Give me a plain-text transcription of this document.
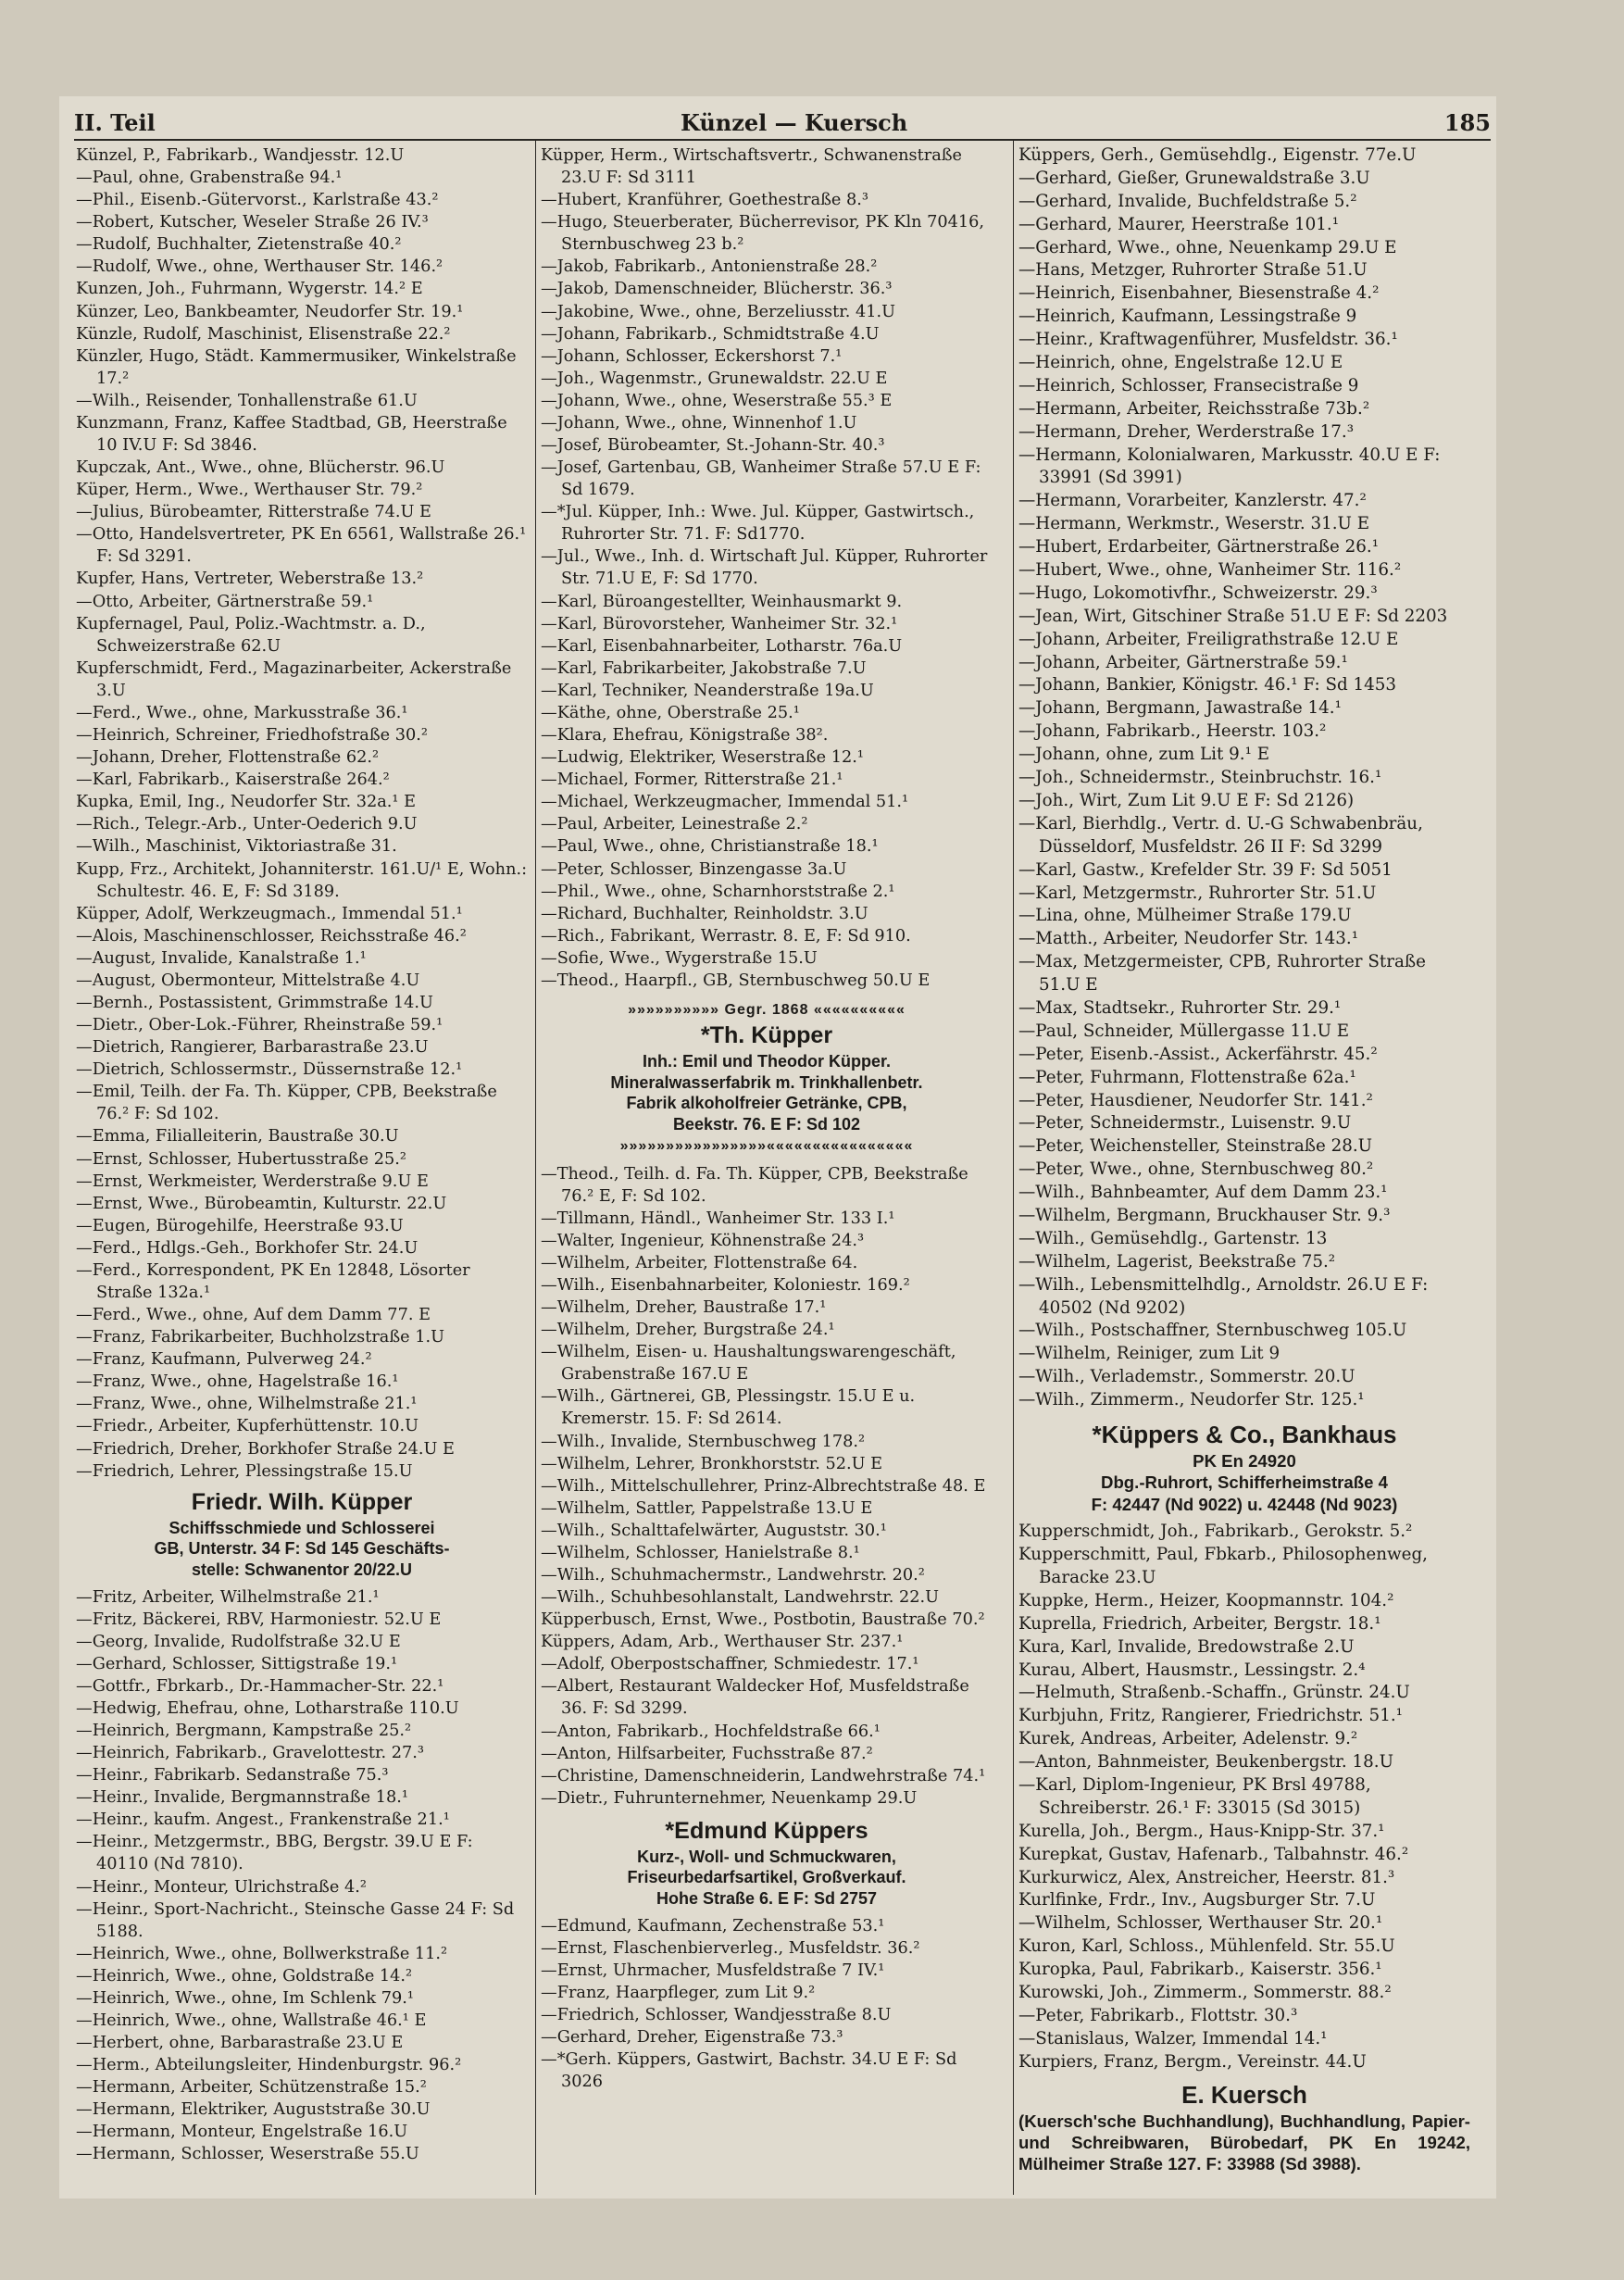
II. Teil	Künzel — Kuersch	185
Künzel, P., Fabrikarb., Wandjesstr. 12.U
—Paul, ohne, Grabenstraße 94.¹
—Phil., Eisenb.-Gütervorst., Karlstraße 43.²
—Robert, Kutscher, Weseler Straße 26 IV.³
—Rudolf, Buchhalter, Zietenstraße 40.²
—Rudolf, Wwe., ohne, Werthauser Str. 146.²
Kunzen, Joh., Fuhrmann, Wygerstr. 14.² E
Künzer, Leo, Bankbeamter, Neudorfer Str. 19.¹
Künzle, Rudolf, Maschinist, Elisenstraße 22.²
Künzler, Hugo, Städt. Kammermusiker, Winkelstraße 17.²
—Wilh., Reisender, Tonhallenstraße 61.U
Kunzmann, Franz, Kaffee Stadtbad, GB, Heerstraße 10 IV.U F: Sd 3846.
Kupczak, Ant., Wwe., ohne, Blücherstr. 96.U
Küper, Herm., Wwe., Werthauser Str. 79.²
—Julius, Bürobeamter, Ritterstraße 74.U E
—Otto, Handelsvertreter, PK En 6561, Wallstraße 26.¹ F: Sd 3291.
Kupfer, Hans, Vertreter, Weberstraße 13.²
—Otto, Arbeiter, Gärtnerstraße 59.¹
Kupfernagel, Paul, Poliz.-Wachtmstr. a. D., Schweizerstraße 62.U
Kupferschmidt, Ferd., Magazinarbeiter, Ackerstraße 3.U
—Ferd., Wwe., ohne, Markusstraße 36.¹
—Heinrich, Schreiner, Friedhofstraße 30.²
—Johann, Dreher, Flottenstraße 62.²
—Karl, Fabrikarb., Kaiserstraße 264.²
Kupka, Emil, Ing., Neudorfer Str. 32a.¹ E
—Rich., Telegr.-Arb., Unter-Oederich 9.U
—Wilh., Maschinist, Viktoriastraße 31.
Kupp, Frz., Architekt, Johanniterstr. 161.U/¹ E, Wohn.: Schultestr. 46. E, F: Sd 3189.
Küpper, Adolf, Werkzeugmach., Immendal 51.¹
—Alois, Maschinenschlosser, Reichsstraße 46.²
—August, Invalide, Kanalstraße 1.¹
—August, Obermonteur, Mittelstraße 4.U
—Bernh., Postassistent, Grimmstraße 14.U
—Dietr., Ober-Lok.-Führer, Rheinstraße 59.¹
—Dietrich, Rangierer, Barbarastraße 23.U
—Dietrich, Schlossermstr., Düssernstraße 12.¹
—Emil, Teilh. der Fa. Th. Küpper, CPB, Beekstraße 76.² F: Sd 102.
—Emma, Filialleiterin, Baustraße 30.U
—Ernst, Schlosser, Hubertusstraße 25.²
—Ernst, Werkmeister, Werderstraße 9.U E
—Ernst, Wwe., Bürobeamtin, Kulturstr. 22.U
—Eugen, Bürogehilfe, Heerstraße 93.U
—Ferd., Hdlgs.-Geh., Borkhofer Str. 24.U
—Ferd., Korrespondent, PK En 12848, Lösorter Straße 132a.¹
—Ferd., Wwe., ohne, Auf dem Damm 77. E
—Franz, Fabrikarbeiter, Buchholzstraße 1.U
—Franz, Kaufmann, Pulverweg 24.²
—Franz, Wwe., ohne, Hagelstraße 16.¹
—Franz, Wwe., ohne, Wilhelmstraße 21.¹
—Friedr., Arbeiter, Kupferhüttenstr. 10.U
—Friedrich, Dreher, Borkhofer Straße 24.U E
—Friedrich, Lehrer, Plessingstraße 15.U
Friedr. Wilh. Küpper
Schiffsschmiede und Schlosserei
GB, Unterstr. 34 F: Sd 145 Geschäfts-
stelle: Schwanentor 20/22.U
—Fritz, Arbeiter, Wilhelmstraße 21.¹
—Fritz, Bäckerei, RBV, Harmoniestr. 52.U E
—Georg, Invalide, Rudolfstraße 32.U E
—Gerhard, Schlosser, Sittigstraße 19.¹
—Gottfr., Fbrkarb., Dr.-Hammacher-Str. 22.¹
—Hedwig, Ehefrau, ohne, Lotharstraße 110.U
—Heinrich, Bergmann, Kampstraße 25.²
—Heinrich, Fabrikarb., Gravelottestr. 27.³
—Heinr., Fabrikarb. Sedanstraße 75.³
—Heinr., Invalide, Bergmannstraße 18.¹
—Heinr., kaufm. Angest., Frankenstraße 21.¹
—Heinr., Metzgermstr., BBG, Bergstr. 39.U E F: 40110 (Nd 7810).
—Heinr., Monteur, Ulrichstraße 4.²
—Heinr., Sport-Nachricht., Steinsche Gasse 24 F: Sd 5188.
—Heinrich, Wwe., ohne, Bollwerkstraße 11.²
—Heinrich, Wwe., ohne, Goldstraße 14.²
—Heinrich, Wwe., ohne, Im Schlenk 79.¹
—Heinrich, Wwe., ohne, Wallstraße 46.¹ E
—Herbert, ohne, Barbarastraße 23.U E
—Herm., Abteilungsleiter, Hindenburgstr. 96.²
—Hermann, Arbeiter, Schützenstraße 15.²
—Hermann, Elektriker, Auguststraße 30.U
—Hermann, Monteur, Engelstraße 16.U
—Hermann, Schlosser, Weserstraße 55.U
Küpper, Herm., Wirtschaftsvertr., Schwanenstraße 23.U F: Sd 3111
—Hubert, Kranführer, Goethestraße 8.³
—Hugo, Steuerberater, Bücherrevisor, PK Kln 70416, Sternbuschweg 23 b.²
—Jakob, Fabrikarb., Antonienstraße 28.²
—Jakob, Damenschneider, Blücherstr. 36.³
—Jakobine, Wwe., ohne, Berzeliusstr. 41.U
—Johann, Fabrikarb., Schmidtstraße 4.U
—Johann, Schlosser, Eckershorst 7.¹
—Joh., Wagenmstr., Grunewaldstr. 22.U E
—Johann, Wwe., ohne, Weserstraße 55.³ E
—Johann, Wwe., ohne, Winnenhof 1.U
—Josef, Bürobeamter, St.-Johann-Str. 40.³
—Josef, Gartenbau, GB, Wanheimer Straße 57.U E F: Sd 1679.
—*Jul. Küpper, Inh.: Wwe. Jul. Küpper, Gastwirtsch., Ruhrorter Str. 71. F: Sd1770.
—Jul., Wwe., Inh. d. Wirtschaft Jul. Küpper, Ruhrorter Str. 71.U E, F: Sd 1770.
—Karl, Büroangestellter, Weinhausmarkt 9.
—Karl, Bürovorsteher, Wanheimer Str. 32.¹
—Karl, Eisenbahnarbeiter, Lotharstr. 76a.U
—Karl, Fabrikarbeiter, Jakobstraße 7.U
—Karl, Techniker, Neanderstraße 19a.U
—Käthe, ohne, Oberstraße 25.¹
—Klara, Ehefrau, Königstraße 38².
—Ludwig, Elektriker, Weserstraße 12.¹
—Michael, Former, Ritterstraße 21.¹
—Michael, Werkzeugmacher, Immendal 51.¹
—Paul, Arbeiter, Leinestraße 2.²
—Paul, Wwe., ohne, Christianstraße 18.¹
—Peter, Schlosser, Binzengasse 3a.U
—Phil., Wwe., ohne, Scharnhorststraße 2.¹
—Richard, Buchhalter, Reinholdstr. 3.U
—Rich., Fabrikant, Werrastr. 8. E, F: Sd 910.
—Sofie, Wwe., Wygerstraße 15.U
—Theod., Haarpfl., GB, Sternbuschweg 50.U E
»»»»»»»»»» Gegr. 1868 ««««««««««
*Th. Küpper
Inh.: Emil und Theodor Küpper.
Mineralwasserfabrik m. Trinkhallenbetr.
Fabrik alkoholfreier Getränke, CPB,
Beekstr. 76. E F: Sd 102
»»»»»»»»»»»»»»»»««««««««««««««««
—Theod., Teilh. d. Fa. Th. Küpper, CPB, Beekstraße 76.² E, F: Sd 102.
—Tillmann, Händl., Wanheimer Str. 133 I.¹
—Walter, Ingenieur, Köhnenstraße 24.³
—Wilhelm, Arbeiter, Flottenstraße 64.
—Wilh., Eisenbahnarbeiter, Koloniestr. 169.²
—Wilhelm, Dreher, Baustraße 17.¹
—Wilhelm, Dreher, Burgstraße 24.¹
—Wilhelm, Eisen- u. Haushaltungswarengeschäft, Grabenstraße 167.U E
—Wilh., Gärtnerei, GB, Plessingstr. 15.U E u. Kremerstr. 15. F: Sd 2614.
—Wilh., Invalide, Sternbuschweg 178.²
—Wilhelm, Lehrer, Bronkhorststr. 52.U E
—Wilh., Mittelschullehrer, Prinz-Albrechtstraße 48. E
—Wilhelm, Sattler, Pappelstraße 13.U E
—Wilh., Schalttafelwärter, Auguststr. 30.¹
—Wilhelm, Schlosser, Hanielstraße 8.¹
—Wilh., Schuhmachermstr., Landwehrstr. 20.²
—Wilh., Schuhbesohlanstalt, Landwehrstr. 22.U
Küpperbusch, Ernst, Wwe., Postbotin, Baustraße 70.²
Küppers, Adam, Arb., Werthauser Str. 237.¹
—Adolf, Oberpostschaffner, Schmiedestr. 17.¹
—Albert, Restaurant Waldecker Hof, Musfeldstraße 36. F: Sd 3299.
—Anton, Fabrikarb., Hochfeldstraße 66.¹
—Anton, Hilfsarbeiter, Fuchsstraße 87.²
—Christine, Damenschneiderin, Landwehrstraße 74.¹
—Dietr., Fuhrunternehmer, Neuenkamp 29.U
*Edmund Küppers
Kurz-, Woll- und Schmuckwaren,
Friseurbedarfsartikel, Großverkauf.
Hohe Straße 6. E F: Sd 2757
—Edmund, Kaufmann, Zechenstraße 53.¹
—Ernst, Flaschenbierverleg., Musfeldstr. 36.²
—Ernst, Uhrmacher, Musfeldstraße 7 IV.¹
—Franz, Haarpfleger, zum Lit 9.²
—Friedrich, Schlosser, Wandjesstraße 8.U
—Gerhard, Dreher, Eigenstraße 73.³
—*Gerh. Küppers, Gastwirt, Bachstr. 34.U E F: Sd 3026
Küppers, Gerh., Gemüsehdlg., Eigenstr. 77e.U
—Gerhard, Gießer, Grunewaldstraße 3.U
—Gerhard, Invalide, Buchfeldstraße 5.²
—Gerhard, Maurer, Heerstraße 101.¹
—Gerhard, Wwe., ohne, Neuenkamp 29.U E
—Hans, Metzger, Ruhrorter Straße 51.U
—Heinrich, Eisenbahner, Biesenstraße 4.²
—Heinrich, Kaufmann, Lessingstraße 9
—Heinr., Kraftwagenführer, Musfeldstr. 36.¹
—Heinrich, ohne, Engelstraße 12.U E
—Heinrich, Schlosser, Fransecistraße 9
—Hermann, Arbeiter, Reichsstraße 73b.²
—Hermann, Dreher, Werderstraße 17.³
—Hermann, Kolonialwaren, Markusstr. 40.U E F: 33991 (Sd 3991)
—Hermann, Vorarbeiter, Kanzlerstr. 47.²
—Hermann, Werkmstr., Weserstr. 31.U E
—Hubert, Erdarbeiter, Gärtnerstraße 26.¹
—Hubert, Wwe., ohne, Wanheimer Str. 116.²
—Hugo, Lokomotivfhr., Schweizerstr. 29.³
—Jean, Wirt, Gitschiner Straße 51.U E F: Sd 2203
—Johann, Arbeiter, Freiligrathstraße 12.U E
—Johann, Arbeiter, Gärtnerstraße 59.¹
—Johann, Bankier, Königstr. 46.¹ F: Sd 1453
—Johann, Bergmann, Jawastraße 14.¹
—Johann, Fabrikarb., Heerstr. 103.²
—Johann, ohne, zum Lit 9.¹ E
—Joh., Schneidermstr., Steinbruchstr. 16.¹
—Joh., Wirt, Zum Lit 9.U E F: Sd 2126)
—Karl, Bierhdlg., Vertr. d. U.-G Schwabenbräu, Düsseldorf, Musfeldstr. 26 II F: Sd 3299
—Karl, Gastw., Krefelder Str. 39 F: Sd 5051
—Karl, Metzgermstr., Ruhrorter Str. 51.U
—Lina, ohne, Mülheimer Straße 179.U
—Matth., Arbeiter, Neudorfer Str. 143.¹
—Max, Metzgermeister, CPB, Ruhrorter Straße 51.U E
—Max, Stadtsekr., Ruhrorter Str. 29.¹
—Paul, Schneider, Müllergasse 11.U E
—Peter, Eisenb.-Assist., Ackerfährstr. 45.²
—Peter, Fuhrmann, Flottenstraße 62a.¹
—Peter, Hausdiener, Neudorfer Str. 141.²
—Peter, Schneidermstr., Luisenstr. 9.U
—Peter, Weichensteller, Steinstraße 28.U
—Peter, Wwe., ohne, Sternbuschweg 80.²
—Wilh., Bahnbeamter, Auf dem Damm 23.¹
—Wilhelm, Bergmann, Bruckhauser Str. 9.³
—Wilh., Gemüsehdlg., Gartenstr. 13
—Wilhelm, Lagerist, Beekstraße 75.²
—Wilh., Lebensmittelhdlg., Arnoldstr. 26.U E F: 40502 (Nd 9202)
—Wilh., Postschaffner, Sternbuschweg 105.U
—Wilhelm, Reiniger, zum Lit 9
—Wilh., Verlademstr., Sommerstr. 20.U
—Wilh., Zimmerm., Neudorfer Str. 125.¹
*Küppers & Co., Bankhaus
PK En 24920
Dbg.-Ruhrort, Schifferheimstraße 4
F: 42447 (Nd 9022) u. 42448 (Nd 9023)
Kupperschmidt, Joh., Fabrikarb., Gerokstr. 5.²
Kupperschmitt, Paul, Fbkarb., Philosophenweg, Baracke 23.U
Kuppke, Herm., Heizer, Koopmannstr. 104.²
Kuprella, Friedrich, Arbeiter, Bergstr. 18.¹
Kura, Karl, Invalide, Bredowstraße 2.U
Kurau, Albert, Hausmstr., Lessingstr. 2.⁴
—Helmuth, Straßenb.-Schaffn., Grünstr. 24.U
Kurbjuhn, Fritz, Rangierer, Friedrichstr. 51.¹
Kurek, Andreas, Arbeiter, Adelenstr. 9.²
—Anton, Bahnmeister, Beukenbergstr. 18.U
—Karl, Diplom-Ingenieur, PK Brsl 49788, Schreiberstr. 26.¹ F: 33015 (Sd 3015)
Kurella, Joh., Bergm., Haus-Knipp-Str. 37.¹
Kurepkat, Gustav, Hafenarb., Talbahnstr. 46.²
Kurkurwicz, Alex, Anstreicher, Heerstr. 81.³
Kurlfinke, Frdr., Inv., Augsburger Str. 7.U
—Wilhelm, Schlosser, Werthauser Str. 20.¹
Kuron, Karl, Schloss., Mühlenfeld. Str. 55.U
Kuropka, Paul, Fabrikarb., Kaiserstr. 356.¹
Kurowski, Joh., Zimmerm., Sommerstr. 88.²
—Peter, Fabrikarb., Flottstr. 30.³
—Stanislaus, Walzer, Immendal 14.¹
Kurpiers, Franz, Bergm., Vereinstr. 44.U
E. Kuersch
(Kuersch'sche Buchhandlung), Buchhandlung, Papier- und Schreibwaren, Bürobedarf, PK En 19242, Mülheimer Straße 127. F: 33988 (Sd 3988).
